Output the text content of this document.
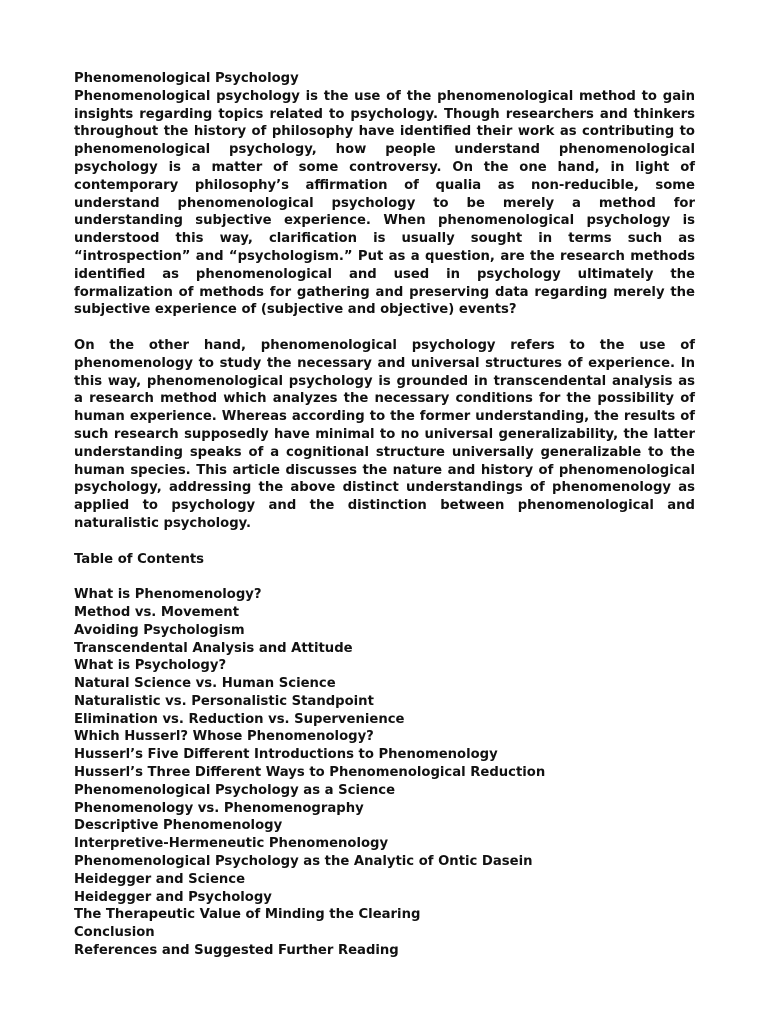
Phenomenological Psychology

Phenomenological psychology is the use of the phenomenological method to gain insights regarding topics related to psychology. Though researchers and thinkers throughout the history of philosophy have identified their work as contributing to phenomenological psychology, how people understand phenomenological psychology is a matter of some controversy. On the one hand, in light of contemporary philosophy’s affirmation of qualia as non-reducible, some understand phenomenological psychology to be merely a method for understanding subjective experience. When phenomenological psychology is understood this way, clarification is usually sought in terms such as “introspection” and “psychologism.” Put as a question, are the research methods identified as phenomenological and used in psychology ultimately the formalization of methods for gathering and preserving data regarding merely the subjective experience of (subjective and objective) events?

On the other hand, phenomenological psychology refers to the use of phenomenology to study the necessary and universal structures of experience. In this way, phenomenological psychology is grounded in transcendental analysis as a research method which analyzes the necessary conditions for the possibility of human experience. Whereas according to the former understanding, the results of such research supposedly have minimal to no universal generalizability, the latter understanding speaks of a cognitional structure universally generalizable to the human species. This article discusses the nature and history of phenomenological psychology, addressing the above distinct understandings of phenomenology as applied to psychology and the distinction between phenomenological and naturalistic psychology.

Table of Contents
What is Phenomenology?
Method vs. Movement
Avoiding Psychologism
Transcendental Analysis and Attitude
What is Psychology?
Natural Science vs. Human Science
Naturalistic vs. Personalistic Standpoint
Elimination vs. Reduction vs. Supervenience
Which Husserl? Whose Phenomenology?
Husserl’s Five Different Introductions to Phenomenology
Husserl’s Three Different Ways to Phenomenological Reduction
Phenomenological Psychology as a Science
Phenomenology vs. Phenomenography
Descriptive Phenomenology
Interpretive-Hermeneutic Phenomenology
Phenomenological Psychology as the Analytic of Ontic Dasein
Heidegger and Science
Heidegger and Psychology
The Therapeutic Value of Minding the Clearing
Conclusion
References and Suggested Further Reading
